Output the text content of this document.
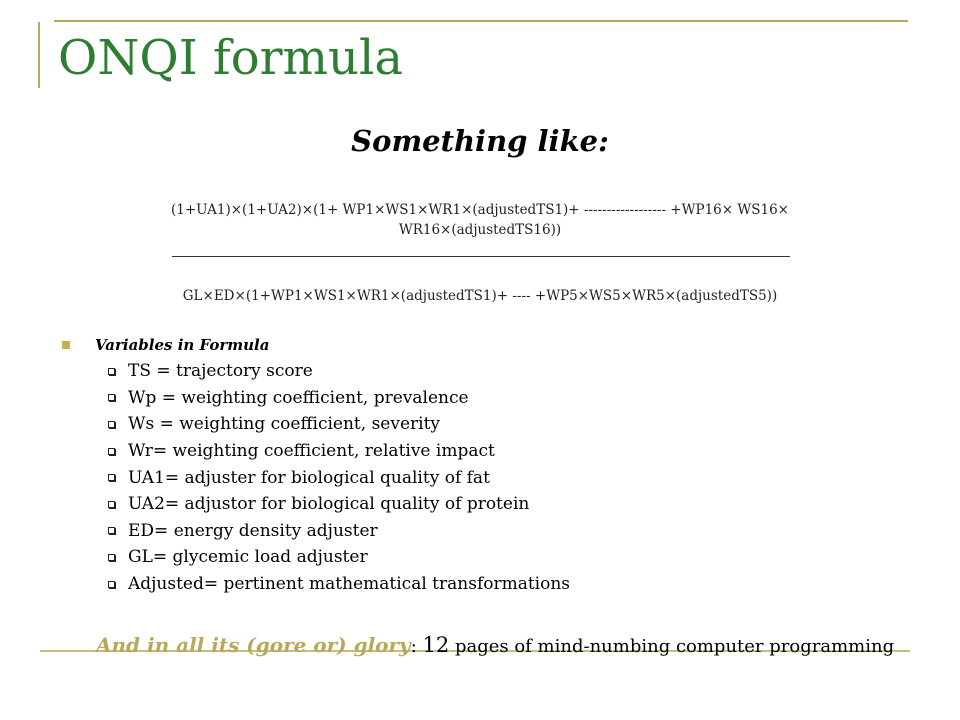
ONQI formula
Something like:
(1+UA1)×(1+UA2)×(1+ WP1×WS1×WR1×(adjustedTS1)+ ------------------ +WP16× WS16× WR16×(adjustedTS16))
GL×ED×(1+WP1×WS1×WR1×(adjustedTS1)+ ---- +WP5×WS5×WR5×(adjustedTS5))
Variables in Formula
TS = trajectory score
Wp = weighting coefficient, prevalence
Ws = weighting coefficient, severity
Wr= weighting coefficient, relative impact
UA1= adjuster for biological quality of fat
UA2= adjustor for biological quality of protein
ED= energy density adjuster
GL= glycemic load adjuster
Adjusted= pertinent mathematical transformations
And in all its (gore or) glory: 12 pages of mind-numbing computer programming
